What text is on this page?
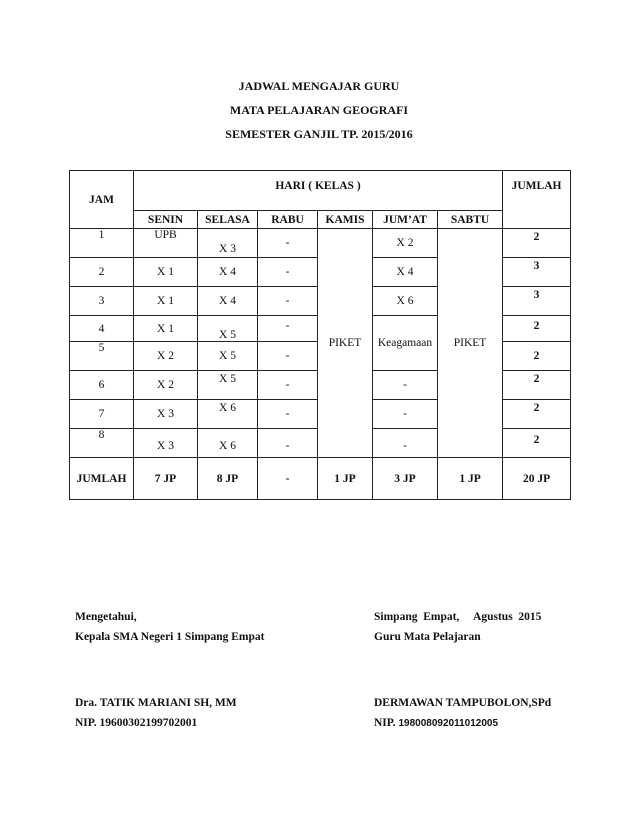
JADWAL MENGAJAR GURU
MATA PELAJARAN GEOGRAFI
SEMESTER GANJIL TP. 2015/2016
JAM	HARI ( KELAS )						JUMLAH
	SENIN	SELASA	RABU	KAMIS	JUM’AT	SABTU	
1	UPB	X 3	-	PIKET	X 2	PIKET	2
2	X 1	X 4	-		X 4		3
3	X 1	X 4	-		X 6		3
4	X 1	X 5	-		Keagamaan		2
5	X 2	X 5	-				2
6	X 2	X 5	-		-		2
7	X 3	X 6	-		-		2
8	X 3	X 6	-		-		2
JUMLAH	7 JP	8 JP	-	1 JP	3 JP	1 JP	20 JP
Mengetahui,
Kepala SMA Negeri 1 Simpang Empat
Dra. TATIK MARIANI SH, MM
NIP. 19600302199702001
Simpang  Empat,     Agustus  2015
Guru Mata Pelajaran
DERMAWAN TAMPUBOLON,SPd
NIP. 198008092011012005
